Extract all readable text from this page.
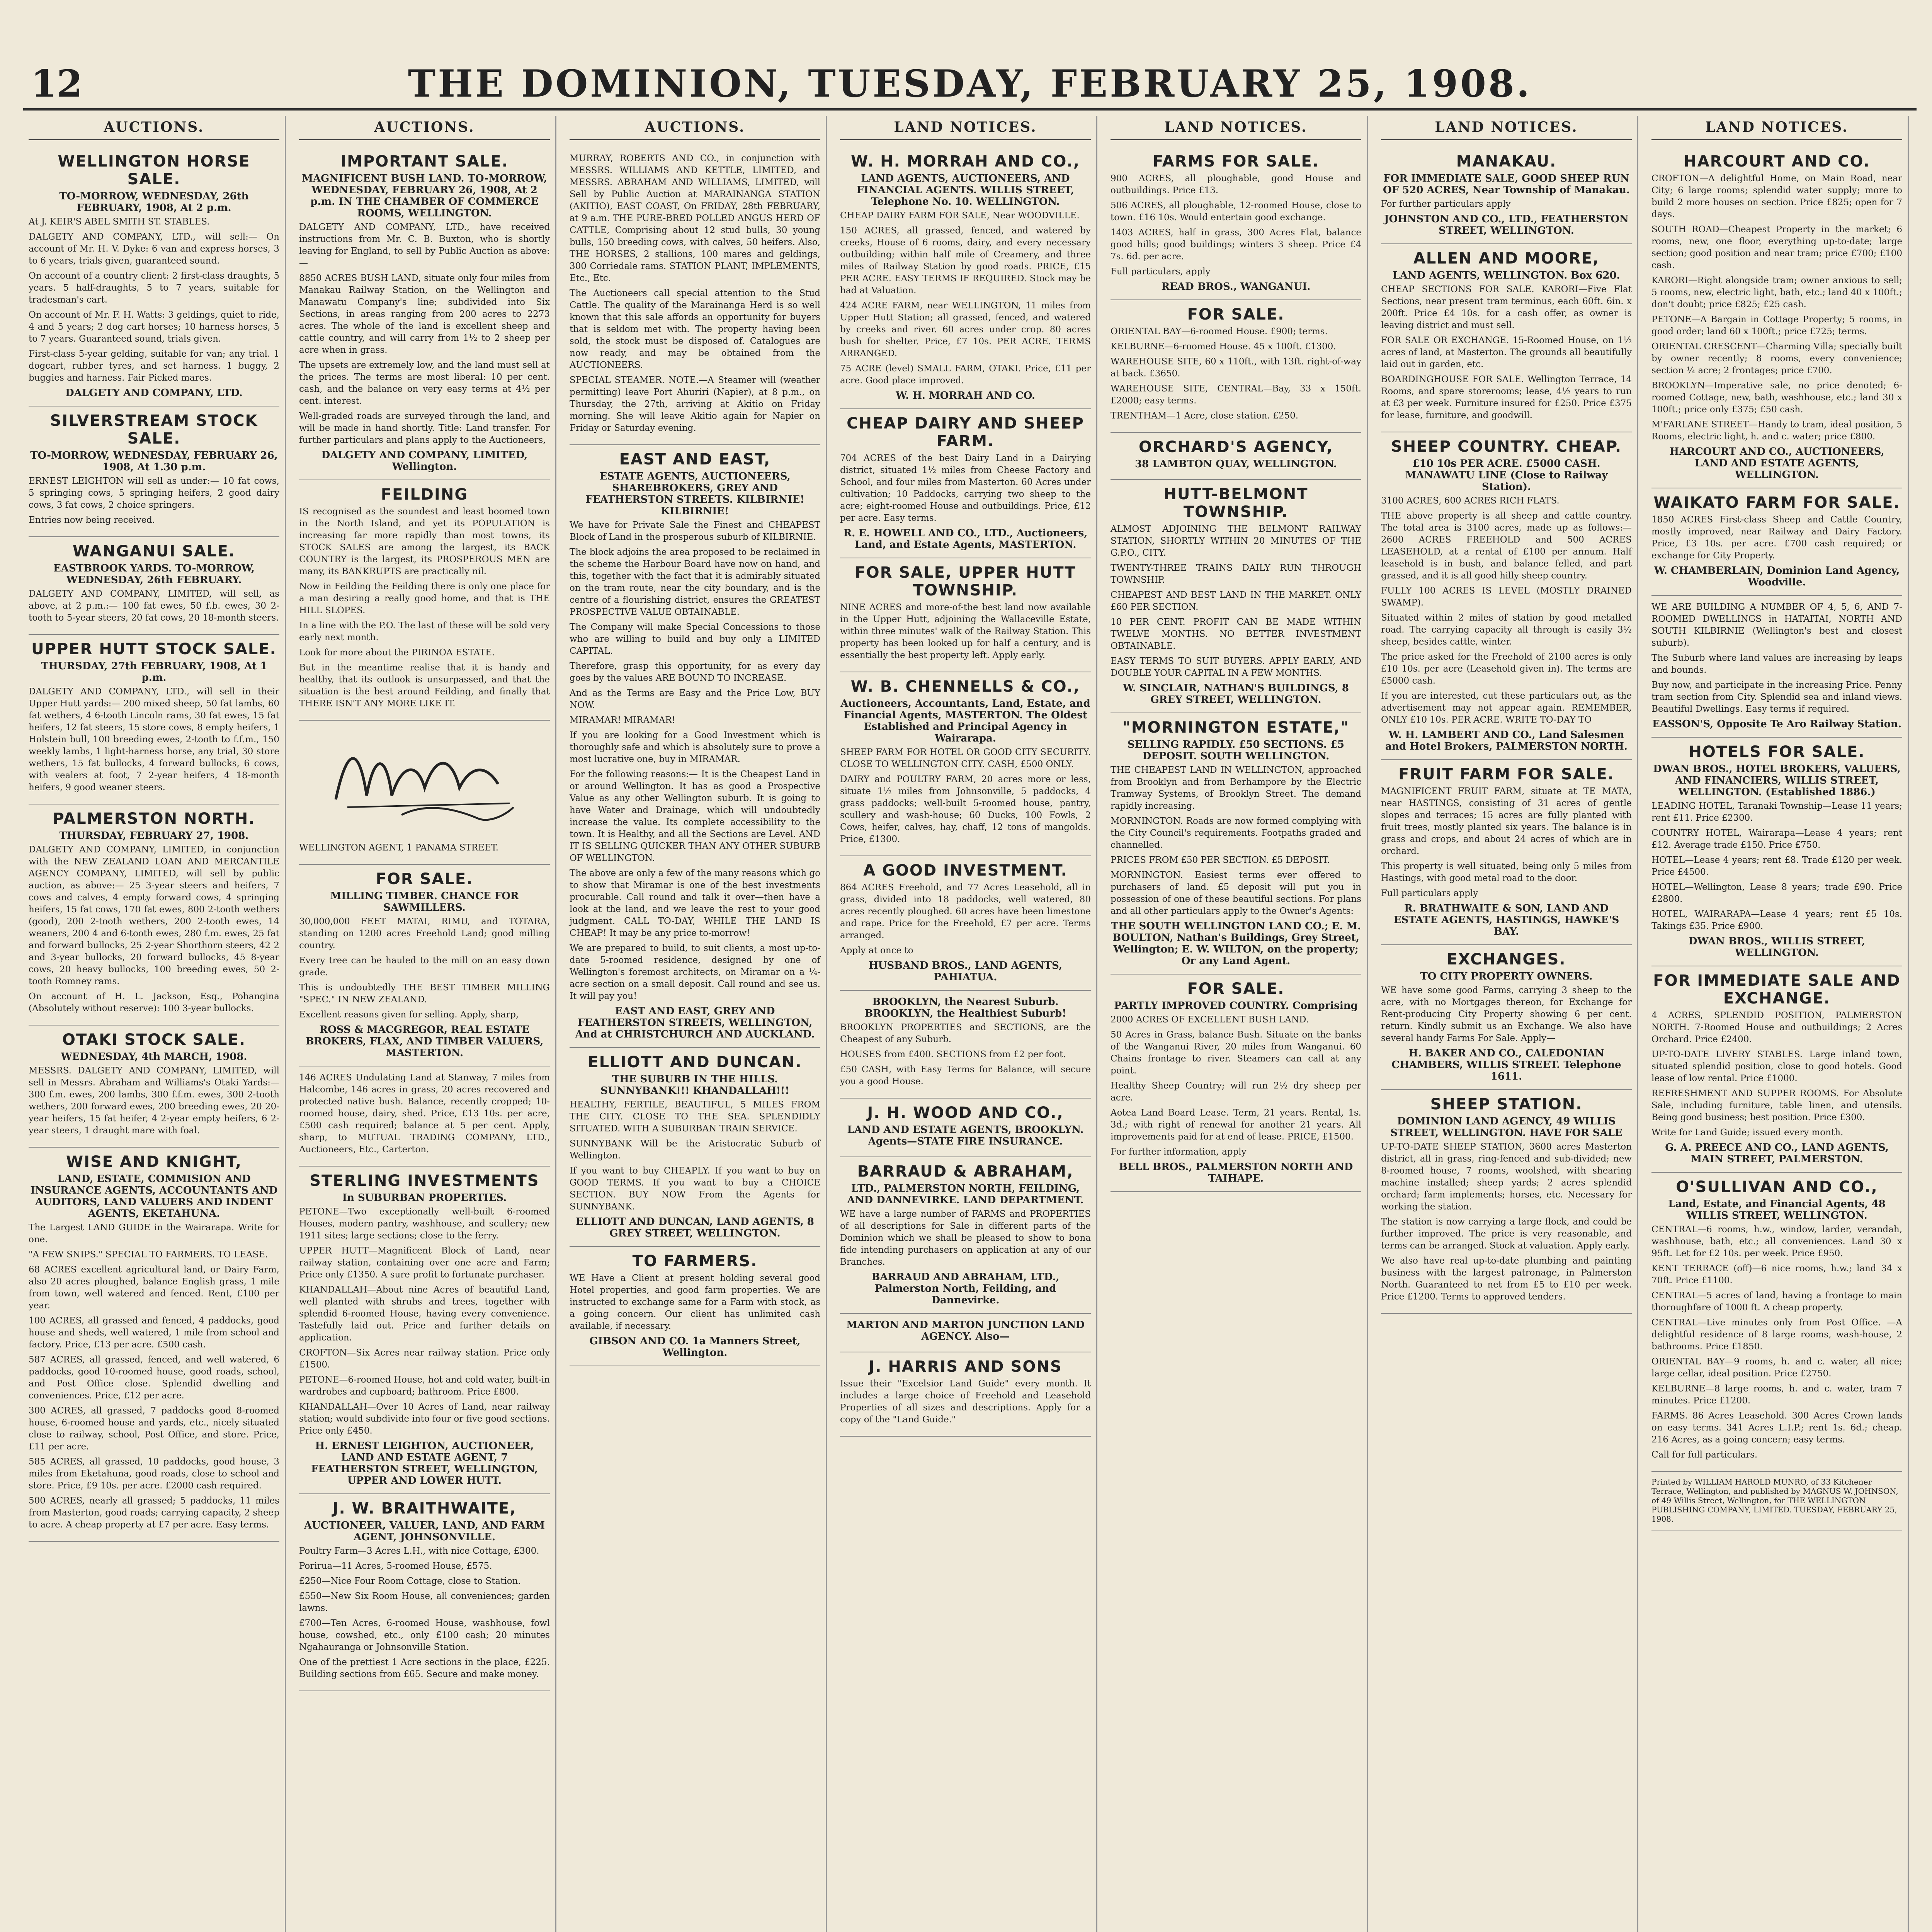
12	THE DOMINION, TUESDAY, FEBRUARY 25, 1908.
AUCTIONS.
WELLINGTON HORSE SALE.
TO-MORROW, WEDNESDAY, 26th FEBRUARY, 1908, At 2 p.m.

At J. KEIR'S ABEL SMITH ST. STABLES.

DALGETY AND COMPANY, LTD., will sell:— On account of Mr. H. V. Dyke: 6 van and express horses, 3 to 6 years, trials given, guaranteed sound.

On account of a country client: 2 first-class draughts, 5 years. 5 half-draughts, 5 to 7 years, suitable for tradesman's cart.

On account of Mr. F. H. Watts: 3 geldings, quiet to ride, 4 and 5 years; 2 dog cart horses; 10 harness horses, 5 to 7 years. Guaranteed sound, trials given.

First-class 5-year gelding, suitable for van; any trial. 1 dogcart, rubber tyres, and set harness. 1 buggy, 2 buggies and harness. Fair Picked mares.

DALGETY AND COMPANY, LTD.
SILVERSTREAM STOCK SALE.
TO-MORROW, WEDNESDAY, FEBRUARY 26, 1908, At 1.30 p.m.

ERNEST LEIGHTON will sell as under:— 10 fat cows, 5 springing cows, 5 springing heifers, 2 good dairy cows, 3 fat cows, 2 choice springers.

Entries now being received.

WANGANUI SALE.
EASTBROOK YARDS. TO-MORROW, WEDNESDAY, 26th FEBRUARY.

DALGETY AND COMPANY, LIMITED, will sell, as above, at 2 p.m.:— 100 fat ewes, 50 f.b. ewes, 30 2-tooth to 5-year steers, 20 fat cows, 20 18-month steers.

UPPER HUTT STOCK SALE.
THURSDAY, 27th FEBRUARY, 1908, At 1 p.m.

DALGETY AND COMPANY, LTD., will sell in their Upper Hutt yards:— 200 mixed sheep, 50 fat lambs, 60 fat wethers, 4 6-tooth Lincoln rams, 30 fat ewes, 15 fat heifers, 12 fat steers, 15 store cows, 8 empty heifers, 1 Holstein bull, 100 breeding ewes, 2-tooth to f.f.m., 150 weekly lambs, 1 light-harness horse, any trial, 30 store wethers, 15 fat bullocks, 4 forward bullocks, 6 cows, with vealers at foot, 7 2-year heifers, 4 18-month heifers, 9 good weaner steers.

PALMERSTON NORTH.
THURSDAY, FEBRUARY 27, 1908.

DALGETY AND COMPANY, LIMITED, in conjunction with the NEW ZEALAND LOAN AND MERCANTILE AGENCY COMPANY, LIMITED, will sell by public auction, as above:— 25 3-year steers and heifers, 7 cows and calves, 4 empty forward cows, 4 springing heifers, 15 fat cows, 170 fat ewes, 800 2-tooth wethers (good), 200 2-tooth wethers, 200 2-tooth ewes, 14 weaners, 200 4 and 6-tooth ewes, 280 f.m. ewes, 25 fat and forward bullocks, 25 2-year Shorthorn steers, 42 2 and 3-year bullocks, 20 forward bullocks, 45 8-year cows, 20 heavy bullocks, 100 breeding ewes, 50 2-tooth Romney rams.

On account of H. L. Jackson, Esq., Pohangina (Absolutely without reserve): 100 3-year bullocks.

OTAKI STOCK SALE.
WEDNESDAY, 4th MARCH, 1908.

MESSRS. DALGETY AND COMPANY, LIMITED, will sell in Messrs. Abraham and Williams's Otaki Yards:— 300 f.m. ewes, 200 lambs, 300 f.f.m. ewes, 300 2-tooth wethers, 200 forward ewes, 200 breeding ewes, 20 20-year heifers, 15 fat heifer, 4 2-year empty heifers, 6 2-year steers, 1 draught mare with foal.

WISE AND KNIGHT,
LAND, ESTATE, COMMISION AND INSURANCE AGENTS, ACCOUNTANTS AND AUDITORS, LAND VALUERS AND INDENT AGENTS, EKETAHUNA.

The Largest LAND GUIDE in the Wairarapa. Write for one.

"A FEW SNIPS." SPECIAL TO FARMERS. TO LEASE.

68 ACRES excellent agricultural land, or Dairy Farm, also 20 acres ploughed, balance English grass, 1 mile from town, well watered and fenced. Rent, £100 per year.

100 ACRES, all grassed and fenced, 4 paddocks, good house and sheds, well watered, 1 mile from school and factory. Price, £13 per acre. £500 cash.

587 ACRES, all grassed, fenced, and well watered, 6 paddocks, good 10-roomed house, good roads, school, and Post Office close. Splendid dwelling and conveniences. Price, £12 per acre.

300 ACRES, all grassed, 7 paddocks good 8-roomed house, 6-roomed house and yards, etc., nicely situated close to railway, school, Post Office, and store. Price, £11 per acre.

585 ACRES, all grassed, 10 paddocks, good house, 3 miles from Eketahuna, good roads, close to school and store. Price, £9 10s. per acre. £2000 cash required.

500 ACRES, nearly all grassed; 5 paddocks, 11 miles from Masterton, good roads; carrying capacity, 2 sheep to acre. A cheap property at £7 per acre. Easy terms.

AUCTIONS.
IMPORTANT SALE.
MAGNIFICENT BUSH LAND. TO-MORROW, WEDNESDAY, FEBRUARY 26, 1908, At 2 p.m. IN THE CHAMBER OF COMMERCE ROOMS, WELLINGTON.

DALGETY AND COMPANY, LTD., have received instructions from Mr. C. B. Buxton, who is shortly leaving for England, to sell by Public Auction as above:—

8850 ACRES BUSH LAND, situate only four miles from Manakau Railway Station, on the Wellington and Manawatu Company's line; subdivided into Six Sections, in areas ranging from 200 acres to 2273 acres. The whole of the land is excellent sheep and cattle country, and will carry from 1½ to 2 sheep per acre when in grass.

The upsets are extremely low, and the land must sell at the prices. The terms are most liberal: 10 per cent. cash, and the balance on very easy terms at 4½ per cent. interest.

Well-graded roads are surveyed through the land, and will be made in hand shortly. Title: Land transfer. For further particulars and plans apply to the Auctioneers,

DALGETY AND COMPANY, LIMITED, Wellington.
FEILDING

IS recognised as the soundest and least boomed town in the North Island, and yet its POPULATION is increasing far more rapidly than most towns, its STOCK SALES are among the largest, its BACK COUNTRY is the largest, its PROSPEROUS MEN are many, its BANKRUPTS are practically nil.

Now in Feilding the Feilding there is only one place for a man desiring a really good home, and that is THE HILL SLOPES.

In a line with the P.O. The last of these will be sold very early next month.

Look for more about the PIRINOA ESTATE.

But in the meantime realise that it is handy and healthy, that its outlook is unsurpassed, and that the situation is the best around Feilding, and finally that THERE ISN'T ANY MORE LIKE IT.

WELLINGTON AGENT, 1 PANAMA STREET.

FOR SALE.
MILLING TIMBER. CHANCE FOR SAWMILLERS.

30,000,000 FEET MATAI, RIMU, and TOTARA, standing on 1200 acres Freehold Land; good milling country.

Every tree can be hauled to the mill on an easy down grade.

This is undoubtedly THE BEST TIMBER MILLING "SPEC." IN NEW ZEALAND.

Excellent reasons given for selling. Apply, sharp,

ROSS & MACGREGOR, REAL ESTATE BROKERS, FLAX, AND TIMBER VALUERS, MASTERTON.

146 ACRES Undulating Land at Stanway, 7 miles from Halcombe, 146 acres in grass, 20 acres recovered and protected native bush. Balance, recently cropped; 10-roomed house, dairy, shed. Price, £13 10s. per acre, £500 cash required; balance at 5 per cent. Apply, sharp, to MUTUAL TRADING COMPANY, LTD., Auctioneers, Etc., Carterton.

STERLING INVESTMENTS
In SUBURBAN PROPERTIES.

PETONE—Two exceptionally well-built 6-roomed Houses, modern pantry, washhouse, and scullery; new 1911 sites; large sections; close to the ferry.

UPPER HUTT—Magnificent Block of Land, near railway station, containing over one acre and Farm; Price only £1350. A sure profit to fortunate purchaser.

KHANDALLAH—About nine Acres of beautiful Land, well planted with shrubs and trees, together with splendid 6-roomed House, having every convenience. Tastefully laid out. Price and further details on application.

CROFTON—Six Acres near railway station. Price only £1500.

PETONE—6-roomed House, hot and cold water, built-in wardrobes and cupboard; bathroom. Price £800.

KHANDALLAH—Over 10 Acres of Land, near railway station; would subdivide into four or five good sections. Price only £450.

H. ERNEST LEIGHTON, AUCTIONEER, LAND AND ESTATE AGENT, 7 FEATHERSTON STREET, WELLINGTON, UPPER AND LOWER HUTT.
J. W. BRAITHWAITE,
AUCTIONEER, VALUER, LAND, AND FARM AGENT, JOHNSONVILLE.

Poultry Farm—3 Acres L.H., with nice Cottage, £300.

Porirua—11 Acres, 5-roomed House, £575.

£250—Nice Four Room Cottage, close to Station.

£550—New Six Room House, all conveniences; garden lawns.

£700—Ten Acres, 6-roomed House, washhouse, fowl house, cowshed, etc., only £100 cash; 20 minutes Ngahauranga or Johnsonville Station.

One of the prettiest 1 Acre sections in the place, £225. Building sections from £65. Secure and make money.

AUCTIONS.

MURRAY, ROBERTS AND CO., in conjunction with MESSRS. WILLIAMS AND KETTLE, LIMITED, and MESSRS. ABRAHAM AND WILLIAMS, LIMITED, will Sell by Public Auction at MARAINANGA STATION (AKITIO), EAST COAST, On FRIDAY, 28th FEBRUARY, at 9 a.m. THE PURE-BRED POLLED ANGUS HERD OF CATTLE, Comprising about 12 stud bulls, 30 young bulls, 150 breeding cows, with calves, 50 heifers. Also, THE HORSES, 2 stallions, 100 mares and geldings, 300 Corriedale rams. STATION PLANT, IMPLEMENTS, Etc., Etc.

The Auctioneers call special attention to the Stud Cattle. The quality of the Marainanga Herd is so well known that this sale affords an opportunity for buyers that is seldom met with. The property having been sold, the stock must be disposed of. Catalogues are now ready, and may be obtained from the AUCTIONEERS.

SPECIAL STEAMER. NOTE.—A Steamer will (weather permitting) leave Port Ahuriri (Napier), at 8 p.m., on Thursday, the 27th, arriving at Akitio on Friday morning. She will leave Akitio again for Napier on Friday or Saturday evening.

EAST AND EAST,
ESTATE AGENTS, AUCTIONEERS, SHAREBROKERS, GREY AND FEATHERSTON STREETS. KILBIRNIE! KILBIRNIE!

We have for Private Sale the Finest and CHEAPEST Block of Land in the prosperous suburb of KILBIRNIE.

The block adjoins the area proposed to be reclaimed in the scheme the Harbour Board have now on hand, and this, together with the fact that it is admirably situated on the tram route, near the city boundary, and is the centre of a flourishing district, ensures the GREATEST PROSPECTIVE VALUE OBTAINABLE.

The Company will make Special Concessions to those who are willing to build and buy only a LIMITED CAPITAL.

Therefore, grasp this opportunity, for as every day goes by the values ARE BOUND TO INCREASE.

And as the Terms are Easy and the Price Low, BUY NOW.

MIRAMAR! MIRAMAR!

If you are looking for a Good Investment which is thoroughly safe and which is absolutely sure to prove a most lucrative one, buy in MIRAMAR.

For the following reasons:— It is the Cheapest Land in or around Wellington. It has as good a Prospective Value as any other Wellington suburb. It is going to have Water and Drainage, which will undoubtedly increase the value. Its complete accessibility to the town. It is Healthy, and all the Sections are Level. AND IT IS SELLING QUICKER THAN ANY OTHER SUBURB OF WELLINGTON.

The above are only a few of the many reasons which go to show that Miramar is one of the best investments procurable. Call round and talk it over—then have a look at the land, and we leave the rest to your good judgment. CALL TO-DAY, WHILE THE LAND IS CHEAP! It may be any price to-morrow!

We are prepared to build, to suit clients, a most up-to-date 5-roomed residence, designed by one of Wellington's foremost architects, on Miramar on a ¼-acre section on a small deposit. Call round and see us. It will pay you!

EAST AND EAST, GREY AND FEATHERSTON STREETS, WELLINGTON, And at CHRISTCHURCH AND AUCKLAND.
ELLIOTT AND DUNCAN.
THE SUBURB IN THE HILLS. SUNNYBANK!!! KHANDALLAH!!!

HEALTHY, FERTILE, BEAUTIFUL, 5 MILES FROM THE CITY. CLOSE TO THE SEA. SPLENDIDLY SITUATED. WITH A SUBURBAN TRAIN SERVICE.

SUNNYBANK Will be the Aristocratic Suburb of Wellington.

If you want to buy CHEAPLY. If you want to buy on GOOD TERMS. If you want to buy a CHOICE SECTION. BUY NOW From the Agents for SUNNYBANK.

ELLIOTT AND DUNCAN, LAND AGENTS, 8 GREY STREET, WELLINGTON.
TO FARMERS.

WE Have a Client at present holding several good Hotel properties, and good farm properties. We are instructed to exchange same for a Farm with stock, as a going concern. Our client has unlimited cash available, if necessary.

GIBSON AND CO. 1a Manners Street, Wellington.
LAND NOTICES.
W. H. MORRAH AND CO.,
LAND AGENTS, AUCTIONEERS, AND FINANCIAL AGENTS. WILLIS STREET, Telephone No. 10. WELLINGTON.

CHEAP DAIRY FARM FOR SALE, Near WOODVILLE.

150 ACRES, all grassed, fenced, and watered by creeks, House of 6 rooms, dairy, and every necessary outbuilding; within half mile of Creamery, and three miles of Railway Station by good roads. PRICE, £15 PER ACRE. EASY TERMS IF REQUIRED. Stock may be had at Valuation.

424 ACRE FARM, near WELLINGTON, 11 miles from Upper Hutt Station; all grassed, fenced, and watered by creeks and river. 60 acres under crop. 80 acres bush for shelter. Price, £7 10s. PER ACRE. TERMS ARRANGED.

75 ACRE (level) SMALL FARM, OTAKI. Price, £11 per acre. Good place improved.

W. H. MORRAH AND CO.
CHEAP DAIRY AND SHEEP FARM.

704 ACRES of the best Dairy Land in a Dairying district, situated 1½ miles from Cheese Factory and School, and four miles from Masterton. 60 Acres under cultivation; 10 Paddocks, carrying two sheep to the acre; eight-roomed House and outbuildings. Price, £12 per acre. Easy terms.

R. E. HOWELL AND CO., LTD., Auctioneers, Land, and Estate Agents, MASTERTON.
FOR SALE, UPPER HUTT TOWNSHIP.

NINE ACRES and more-of-the best land now available in the Upper Hutt, adjoining the Wallaceville Estate, within three minutes' walk of the Railway Station. This property has been looked up for half a century, and is essentially the best property left. Apply early.

W. B. CHENNELLS & CO.,
Auctioneers, Accountants, Land, Estate, and Financial Agents, MASTERTON. The Oldest Established and Principal Agency in Wairarapa.

SHEEP FARM FOR HOTEL OR GOOD CITY SECURITY. CLOSE TO WELLINGTON CITY. CASH, £500 ONLY.

DAIRY and POULTRY FARM, 20 acres more or less, situate 1½ miles from Johnsonville, 5 paddocks, 4 grass paddocks; well-built 5-roomed house, pantry, scullery and wash-house; 60 Ducks, 100 Fowls, 2 Cows, heifer, calves, hay, chaff, 12 tons of mangolds. Price, £1300.

A GOOD INVESTMENT.

864 ACRES Freehold, and 77 Acres Leasehold, all in grass, divided into 18 paddocks, well watered, 80 acres recently ploughed. 60 acres have been limestone and rape. Price for the Freehold, £7 per acre. Terms arranged.

Apply at once to

HUSBAND BROS., LAND AGENTS, PAHIATUA.
BROOKLYN, the Nearest Suburb. BROOKLYN, the Healthiest Suburb!

BROOKLYN PROPERTIES and SECTIONS, are the Cheapest of any Suburb.

HOUSES from £400. SECTIONS from £2 per foot.

£50 CASH, with Easy Terms for Balance, will secure you a good House.

J. H. WOOD AND CO.,
LAND AND ESTATE AGENTS, BROOKLYN. Agents—STATE FIRE INSURANCE.
BARRAUD & ABRAHAM,
LTD., PALMERSTON NORTH, FEILDING, AND DANNEVIRKE. LAND DEPARTMENT.

WE have a large number of FARMS and PROPERTIES of all descriptions for Sale in different parts of the Dominion which we shall be pleased to show to bona fide intending purchasers on application at any of our Branches.

BARRAUD AND ABRAHAM, LTD., Palmerston North, Feilding, and Dannevirke.
MARTON AND MARTON JUNCTION LAND AGENCY. Also—
J. HARRIS AND SONS

Issue their "Excelsior Land Guide" every month. It includes a large choice of Freehold and Leasehold Properties of all sizes and descriptions. Apply for a copy of the "Land Guide."

LAND NOTICES.
FARMS FOR SALE.

900 ACRES, all ploughable, good House and outbuildings. Price £13.

506 ACRES, all ploughable, 12-roomed House, close to town. £16 10s. Would entertain good exchange.

1403 ACRES, half in grass, 300 Acres Flat, balance good hills; good buildings; winters 3 sheep. Price £4 7s. 6d. per acre.

Full particulars, apply

READ BROS., WANGANUI.
FOR SALE.

ORIENTAL BAY—6-roomed House. £900; terms.

KELBURNE—6-roomed House. 45 x 100ft. £1300.

WAREHOUSE SITE, 60 x 110ft., with 13ft. right-of-way at back. £3650.

WAREHOUSE SITE, CENTRAL—Bay, 33 x 150ft. £2000; easy terms.

TRENTHAM—1 Acre, close station. £250.

ORCHARD'S AGENCY,
38 LAMBTON QUAY, WELLINGTON.
HUTT-BELMONT TOWNSHIP.

ALMOST ADJOINING THE BELMONT RAILWAY STATION, SHORTLY WITHIN 20 MINUTES OF THE G.P.O., CITY.

TWENTY-THREE TRAINS DAILY RUN THROUGH TOWNSHIP.

CHEAPEST AND BEST LAND IN THE MARKET. ONLY £60 PER SECTION.

10 PER CENT. PROFIT CAN BE MADE WITHIN TWELVE MONTHS. NO BETTER INVESTMENT OBTAINABLE.

EASY TERMS TO SUIT BUYERS. APPLY EARLY, AND DOUBLE YOUR CAPITAL IN A FEW MONTHS.

W. SINCLAIR, NATHAN'S BUILDINGS, 8 GREY STREET, WELLINGTON.
"MORNINGTON ESTATE,"
SELLING RAPIDLY. £50 SECTIONS. £5 DEPOSIT. SOUTH WELLINGTON.

THE CHEAPEST LAND IN WELLINGTON, approached from Brooklyn and from Berhampore by the Electric Tramway Systems, of Brooklyn Street. The demand rapidly increasing.

MORNINGTON. Roads are now formed complying with the City Council's requirements. Footpaths graded and channelled.

PRICES FROM £50 PER SECTION. £5 DEPOSIT.

MORNINGTON. Easiest terms ever offered to purchasers of land. £5 deposit will put you in possession of one of these beautiful sections. For plans and all other particulars apply to the Owner's Agents:

THE SOUTH WELLINGTON LAND CO.; E. M. BOULTON, Nathan's Buildings, Grey Street, Wellington; E. W. WILTON, on the property; Or any Land Agent.
FOR SALE.
PARTLY IMPROVED COUNTRY. Comprising

2000 ACRES OF EXCELLENT BUSH LAND.

50 Acres in Grass, balance Bush. Situate on the banks of the Wanganui River, 20 miles from Wanganui. 60 Chains frontage to river. Steamers can call at any point.

Healthy Sheep Country; will run 2½ dry sheep per acre.

Aotea Land Board Lease. Term, 21 years. Rental, 1s. 3d.; with right of renewal for another 21 years. All improvements paid for at end of lease. PRICE, £1500.

For further information, apply

BELL BROS., PALMERSTON NORTH AND TAIHAPE.
LAND NOTICES.
MANAKAU.
FOR IMMEDIATE SALE, GOOD SHEEP RUN OF 520 ACRES, Near Township of Manakau.

For further particulars apply

JOHNSTON AND CO., LTD., FEATHERSTON STREET, WELLINGTON.
ALLEN AND MOORE,
LAND AGENTS, WELLINGTON. Box 620.

CHEAP SECTIONS FOR SALE. KARORI—Five Flat Sections, near present tram terminus, each 60ft. 6in. x 200ft. Price £4 10s. for a cash offer, as owner is leaving district and must sell.

FOR SALE OR EXCHANGE. 15-Roomed House, on 1½ acres of land, at Masterton. The grounds all beautifully laid out in garden, etc.

BOARDINGHOUSE FOR SALE. Wellington Terrace, 14 Rooms, and spare storerooms; lease, 4½ years to run at £3 per week. Furniture insured for £250. Price £375 for lease, furniture, and goodwill.

SHEEP COUNTRY. CHEAP.
£10 10s PER ACRE. £5000 CASH. MANAWATU LINE (Close to Railway Station).

3100 ACRES, 600 ACRES RICH FLATS.

THE above property is all sheep and cattle country. The total area is 3100 acres, made up as follows:—2600 ACRES FREEHOLD and 500 ACRES LEASEHOLD, at a rental of £100 per annum. Half leasehold is in bush, and balance felled, and part grassed, and it is all good hilly sheep country.

FULLY 100 ACRES IS LEVEL (MOSTLY DRAINED SWAMP).

Situated within 2 miles of station by good metalled road. The carrying capacity all through is easily 3½ sheep, besides cattle, winter.

The price asked for the Freehold of 2100 acres is only £10 10s. per acre (Leasehold given in). The terms are £5000 cash.

If you are interested, cut these particulars out, as the advertisement may not appear again. REMEMBER, ONLY £10 10s. PER ACRE. WRITE TO-DAY TO

W. H. LAMBERT AND CO., Land Salesmen and Hotel Brokers, PALMERSTON NORTH.
FRUIT FARM FOR SALE.

MAGNIFICENT FRUIT FARM, situate at TE MATA, near HASTINGS, consisting of 31 acres of gentle slopes and terraces; 15 acres are fully planted with fruit trees, mostly planted six years. The balance is in grass and crops, and about 24 acres of which are in orchard.

This property is well situated, being only 5 miles from Hastings, with good metal road to the door.

Full particulars apply

R. BRATHWAITE & SON, LAND AND ESTATE AGENTS, HASTINGS, HAWKE'S BAY.
EXCHANGES.
TO CITY PROPERTY OWNERS.

WE have some good Farms, carrying 3 sheep to the acre, with no Mortgages thereon, for Exchange for Rent-producing City Property showing 6 per cent. return. Kindly submit us an Exchange. We also have several handy Farms For Sale. Apply—

H. BAKER AND CO., CALEDONIAN CHAMBERS, WILLIS STREET. Telephone 1611.
SHEEP STATION.
DOMINION LAND AGENCY, 49 WILLIS STREET, WELLINGTON. HAVE FOR SALE

UP-TO-DATE SHEEP STATION, 3600 acres Masterton district, all in grass, ring-fenced and sub-divided; new 8-roomed house, 7 rooms, woolshed, with shearing machine installed; sheep yards; 2 acres splendid orchard; farm implements; horses, etc. Necessary for working the station.

The station is now carrying a large flock, and could be further improved. The price is very reasonable, and terms can be arranged. Stock at valuation. Apply early.

We also have real up-to-date plumbing and painting business with the largest patronage, in Palmerston North. Guaranteed to net from £5 to £10 per week. Price £1200. Terms to approved tenders.

LAND NOTICES.
HARCOURT AND CO.

CROFTON—A delightful Home, on Main Road, near City; 6 large rooms; splendid water supply; more to build 2 more houses on section. Price £825; open for 7 days.

SOUTH ROAD—Cheapest Property in the market; 6 rooms, new, one floor, everything up-to-date; large section; good position and near tram; price £700; £100 cash.

KARORI—Right alongside tram; owner anxious to sell; 5 rooms, new, electric light, bath, etc.; land 40 x 100ft.; don't doubt; price £825; £25 cash.

PETONE—A Bargain in Cottage Property; 5 rooms, in good order; land 60 x 100ft.; price £725; terms.

ORIENTAL CRESCENT—Charming Villa; specially built by owner recently; 8 rooms, every convenience; section ¼ acre; 2 frontages; price £700.

BROOKLYN—Imperative sale, no price denoted; 6-roomed Cottage, new, bath, washhouse, etc.; land 30 x 100ft.; price only £375; £50 cash.

M'FARLANE STREET—Handy to tram, ideal position, 5 Rooms, electric light, h. and c. water; price £800.

HARCOURT AND CO., AUCTIONEERS, LAND AND ESTATE AGENTS, WELLINGTON.
WAIKATO FARM FOR SALE.

1850 ACRES First-class Sheep and Cattle Country, mostly improved, near Railway and Dairy Factory. Price, £3 10s. per acre. £700 cash required; or exchange for City Property.

W. CHAMBERLAIN, Dominion Land Agency, Woodville.

WE ARE BUILDING A NUMBER OF 4, 5, 6, AND 7-ROOMED DWELLINGS in HATAITAI, NORTH AND SOUTH KILBIRNIE (Wellington's best and closest suburb).

The Suburb where land values are increasing by leaps and bounds.

Buy now, and participate in the increasing Price. Penny tram section from City. Splendid sea and inland views. Beautiful Dwellings. Easy terms if required.

EASSON'S, Opposite Te Aro Railway Station.
HOTELS FOR SALE.
DWAN BROS., HOTEL BROKERS, VALUERS, AND FINANCIERS, WILLIS STREET, WELLINGTON. (Established 1886.)

LEADING HOTEL, Taranaki Township—Lease 11 years; rent £11. Price £2300.

COUNTRY HOTEL, Wairarapa—Lease 4 years; rent £12. Average trade £150. Price £750.

HOTEL—Lease 4 years; rent £8. Trade £120 per week. Price £4500.

HOTEL—Wellington, Lease 8 years; trade £90. Price £2800.

HOTEL, WAIRARAPA—Lease 4 years; rent £5 10s. Takings £35. Price £900.

DWAN BROS., WILLIS STREET, WELLINGTON.
FOR IMMEDIATE SALE AND EXCHANGE.

4 ACRES, SPLENDID POSITION, PALMERSTON NORTH. 7-Roomed House and outbuildings; 2 Acres Orchard. Price £2400.

UP-TO-DATE LIVERY STABLES. Large inland town, situated splendid position, close to good hotels. Good lease of low rental. Price £1000.

REFRESHMENT AND SUPPER ROOMS. For Absolute Sale, including furniture, table linen, and utensils. Being good business; best position. Price £300.

Write for Land Guide; issued every month.

G. A. PREECE AND CO., LAND AGENTS, MAIN STREET, PALMERSTON.
O'SULLIVAN AND CO.,
Land, Estate, and Financial Agents, 48 WILLIS STREET, WELLINGTON.

CENTRAL—6 rooms, h.w., window, larder, verandah, washhouse, bath, etc.; all conveniences. Land 30 x 95ft. Let for £2 10s. per week. Price £950.

KENT TERRACE (off)—6 nice rooms, h.w.; land 34 x 70ft. Price £1100.

CENTRAL—5 acres of land, having a frontage to main thoroughfare of 1000 ft. A cheap property.

CENTRAL—Live minutes only from Post Office. —A delightful residence of 8 large rooms, wash-house, 2 bathrooms. Price £1850.

ORIENTAL BAY—9 rooms, h. and c. water, all nice; large cellar, ideal position. Price £2750.

KELBURNE—8 large rooms, h. and c. water, tram 7 minutes. Price £1200.

FARMS. 86 Acres Leasehold. 300 Acres Crown lands on easy terms. 341 Acres L.I.P.; rent 1s. 6d.; cheap. 216 Acres, as a going concern; easy terms.

Call for full particulars.

Printed by WILLIAM HAROLD MUNRO, of 33 Kitchener Terrace, Wellington, and published by MAGNUS W. JOHNSON, of 49 Willis Street, Wellington, for THE WELLINGTON PUBLISHING COMPANY, LIMITED. TUESDAY, FEBRUARY 25, 1908.
